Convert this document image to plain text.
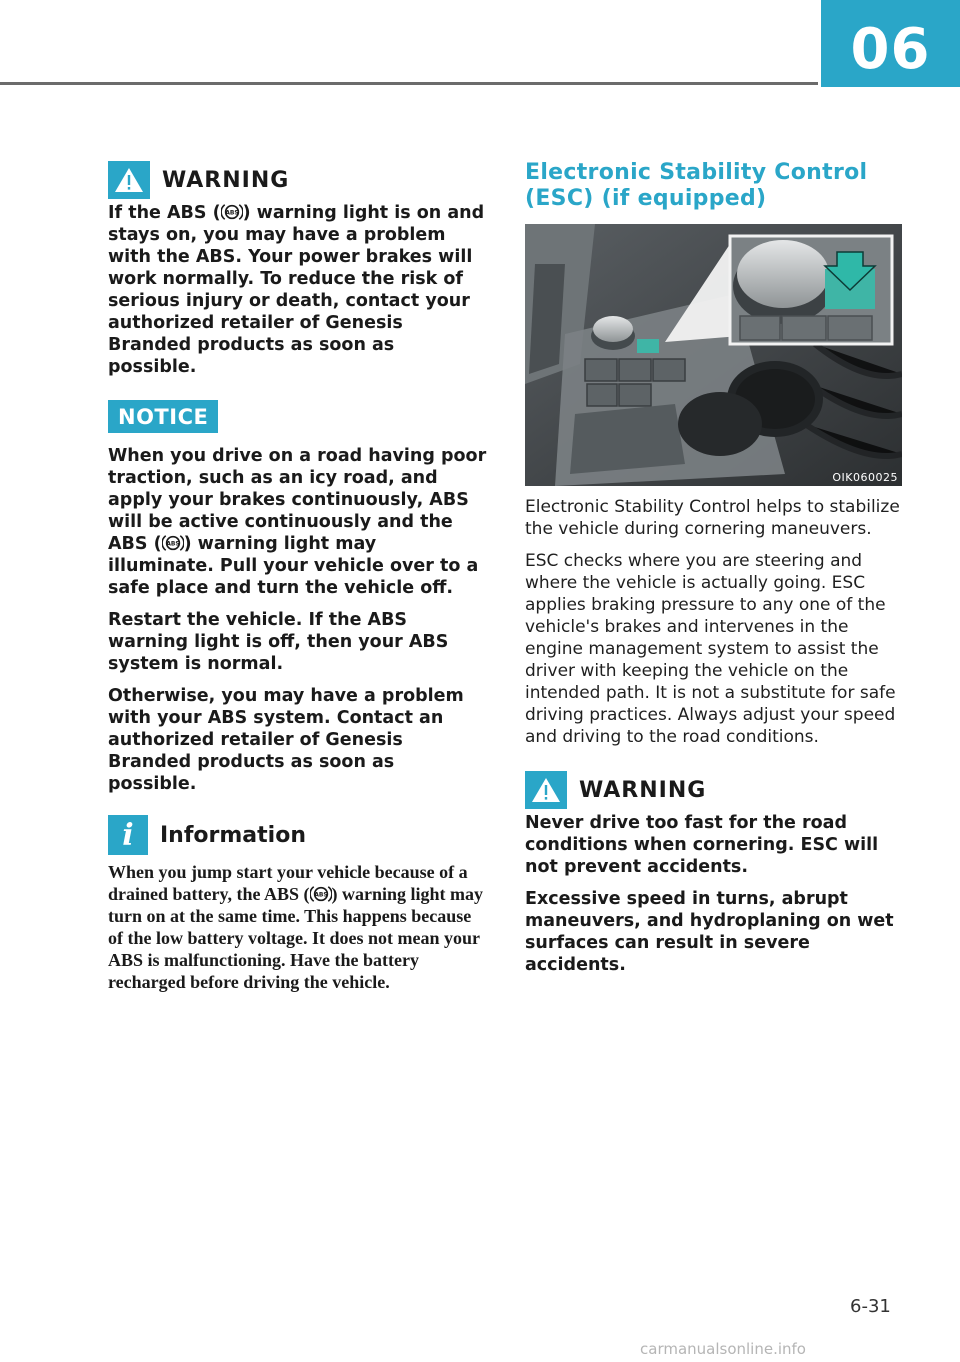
06
WARNING

If the ABS ( ABS ) warning light is on and stays on, you may have a problem with the ABS. Your power brakes will work normally. To reduce the risk of serious injury or death, contact your authorized retailer of Genesis Branded products as soon as possible.

NOTICE

When you drive on a road having poor traction, such as an icy road, and apply your brakes continuously, ABS will be active continuously and the ABS ( ABS ) warning light may illuminate. Pull your vehicle over to a safe place and turn the vehicle off.

Restart the vehicle. If the ABS warning light is off, then your ABS system is normal.

Otherwise, you may have a problem with your ABS system. Contact an authorized retailer of Genesis Branded products as soon as possible.

i	Information

When you jump start your vehicle because of a drained battery, the ABS ( ABS ) warning light may turn on at the same time. This happens because of the low battery voltage. It does not mean your ABS is malfunctioning. Have the battery recharged before driving the vehicle.

Electronic Stability Control (ESC) (if equipped)
OIK060025

Electronic Stability Control helps to stabilize the vehicle during cornering maneuvers.

ESC checks where you are steering and where the vehicle is actually going. ESC applies braking pressure to any one of the vehicle's brakes and intervenes in the engine management system to assist the driver with keeping the vehicle on the intended path. It is not a substitute for safe driving practices. Always adjust your speed and driving to the road conditions.

WARNING

Never drive too fast for the road conditions when cornering. ESC will not prevent accidents.

Excessive speed in turns, abrupt maneuvers, and hydroplaning on wet surfaces can result in severe accidents.

6-31
carmanualsonline.info
